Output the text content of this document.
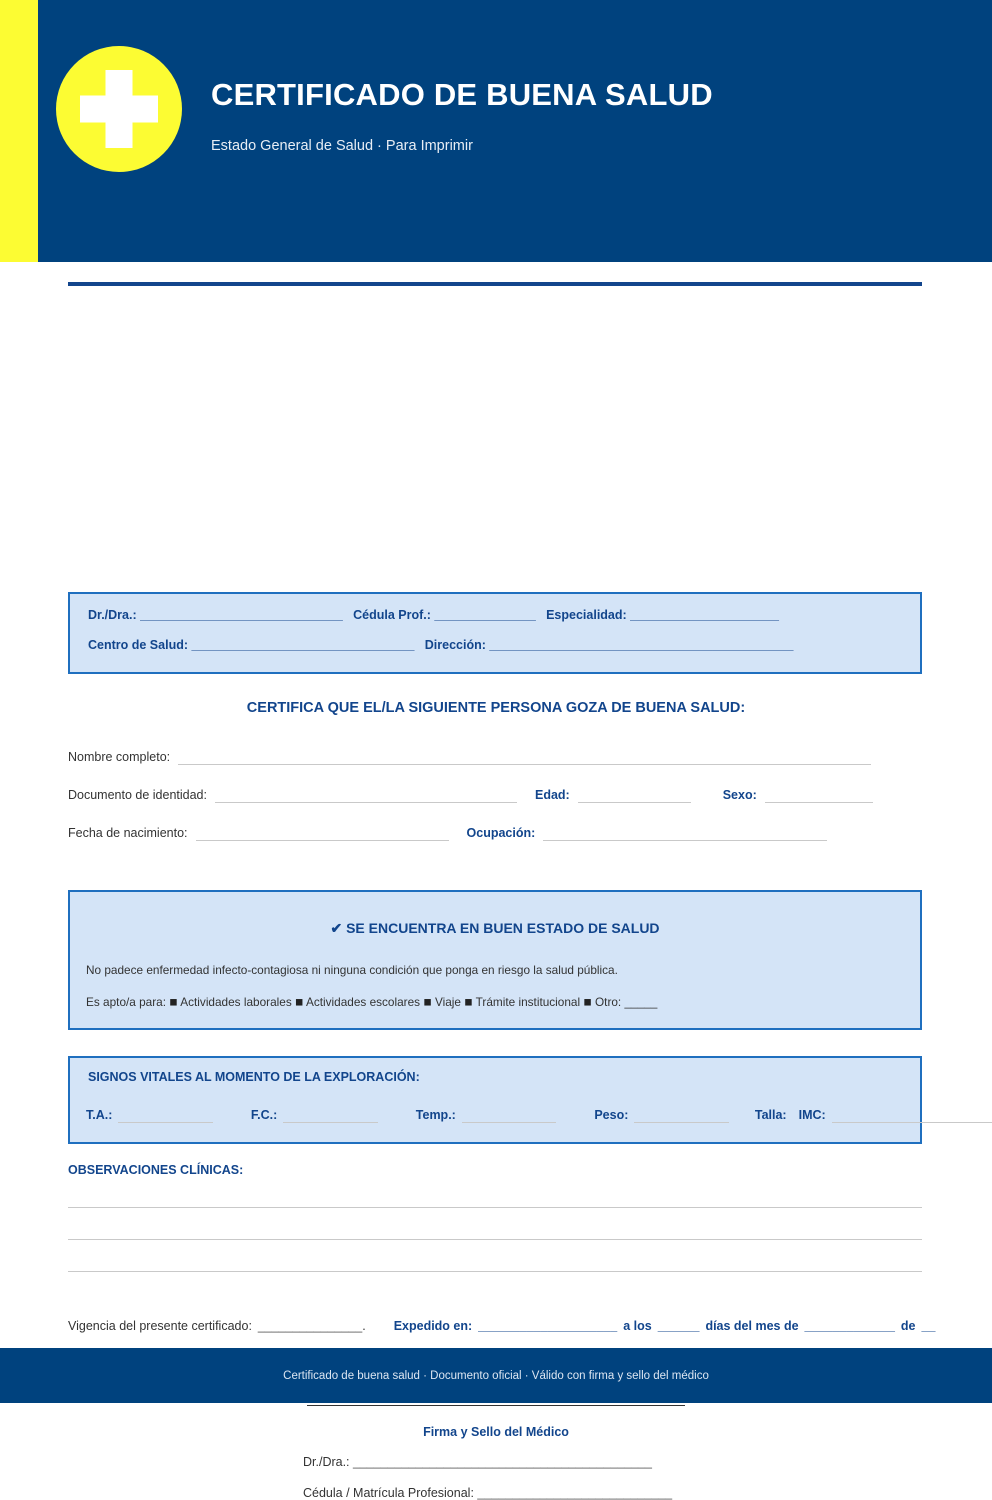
CERTIFICADO DE BUENA SALUD

Estado General de Salud · Para Imprimir

Dr./Dra.: ______________________________ Cédula Prof.: _______________ Especialidad: ______________________
Centro de Salud: _________________________________ Dirección: _____________________________________________
CERTIFICA QUE EL/LA SIGUIENTE PERSONA GOZA DE BUENA SALUD:
Nombre completo:
Documento de identidad:	Edad:	Sexo:
Fecha de nacimiento:	Ocupación:
✔ SE ENCUENTRA EN BUEN ESTADO DE SALUD
No padece enfermedad infecto-contagiosa ni ninguna condición que ponga en riesgo la salud pública.
Es apto/a para: ◼ Actividades laborales ◼ Actividades escolares ◼ Viaje ◼ Trámite institucional ◼ Otro: _____
SIGNOS VITALES AL MOMENTO DE LA EXPLORACIÓN:
T.A.:	F.C.:	Temp.:	Peso:	Talla: IMC:
OBSERVACIONES CLÍNICAS:
Vigencia del presente certificado: _______________ . Expedido en: ____________________ a los ______ días del mes de _____________ de __
Firma y Sello del Médico
Dr./Dra.: ___________________________________________
Cédula / Matrícula Profesional: ____________________________
Certificado de buena salud · Documento oficial · Válido con firma y sello del médico
